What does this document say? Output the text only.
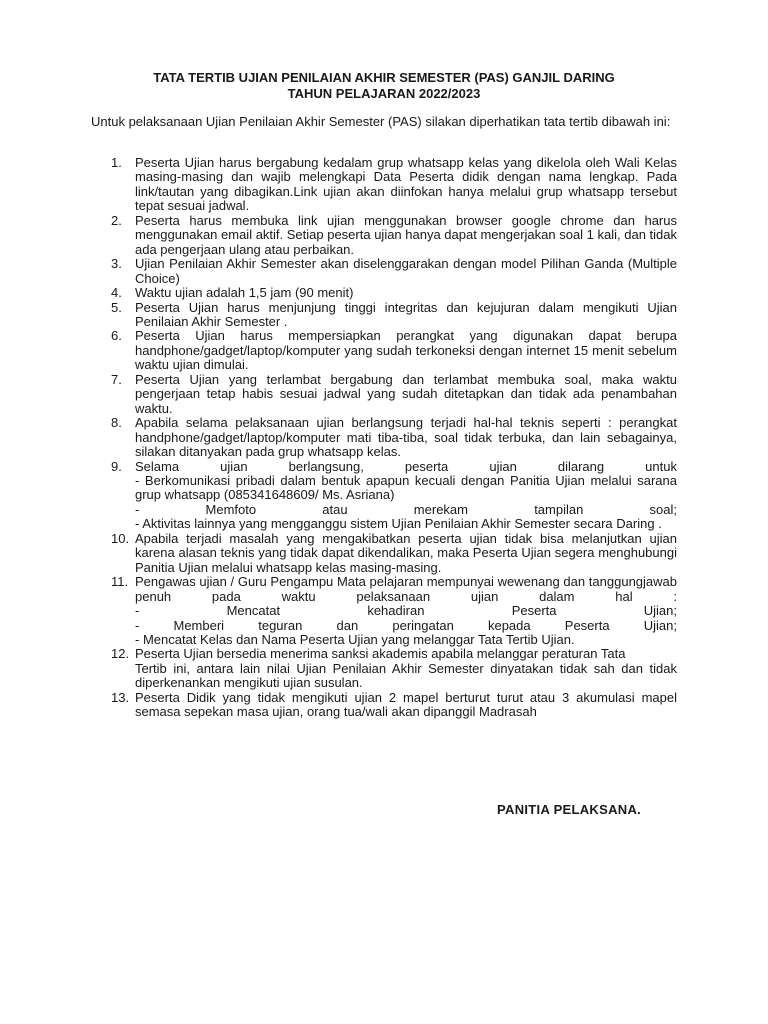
TATA TERTIB UJIAN PENILAIAN AKHIR SEMESTER (PAS) GANJIL DARING
TAHUN PELAJARAN 2022/2023
Untuk pelaksanaan Ujian Penilaian Akhir Semester (PAS) silakan diperhatikan tata tertib dibawah ini:
1. Peserta Ujian harus bergabung kedalam grup whatsapp kelas yang dikelola oleh Wali Kelas masing-masing dan wajib melengkapi Data Peserta didik dengan nama lengkap. Pada link/tautan yang dibagikan.Link ujian akan diinfokan hanya melalui grup whatsapp tersebut tepat sesuai jadwal.
2. Peserta harus membuka link ujian menggunakan browser google chrome dan harus menggunakan email aktif. Setiap peserta ujian hanya dapat mengerjakan soal 1 kali, dan tidak ada pengerjaan ulang atau perbaikan.
3. Ujian Penilaian Akhir Semester akan diselenggarakan dengan model Pilihan Ganda (Multiple Choice)
4. Waktu ujian adalah 1,5 jam (90 menit)
5. Peserta Ujian harus menjunjung tinggi integritas dan kejujuran dalam mengikuti Ujian Penilaian Akhir Semester .
6. Peserta Ujian harus mempersiapkan perangkat yang digunakan dapat berupa handphone/gadget/laptop/komputer yang sudah terkoneksi dengan internet 15 menit sebelum waktu ujian dimulai.
7. Peserta Ujian yang terlambat bergabung dan terlambat membuka soal, maka waktu pengerjaan tetap habis sesuai jadwal yang sudah ditetapkan dan tidak ada penambahan waktu.
8. Apabila selama pelaksanaan ujian berlangsung terjadi hal-hal teknis seperti : perangkat handphone/gadget/laptop/komputer mati tiba-tiba, soal tidak terbuka, dan lain sebagainya, silakan ditanyakan pada grup whatsapp kelas.
9. Selama ujian berlangsung, peserta ujian dilarang untuk
- Berkomunikasi pribadi dalam bentuk apapun kecuali dengan Panitia Ujian melalui sarana grup whatsapp (085341648609/ Ms. Asriana)
- Memfoto atau merekam tampilan soal;
- Aktivitas lainnya yang mengganggu sistem Ujian Penilaian Akhir Semester secara Daring .
10. Apabila terjadi masalah yang mengakibatkan peserta ujian tidak bisa melanjutkan ujian
karena alasan teknis yang tidak dapat dikendalikan, maka Peserta Ujian segera menghubungi Panitia Ujian melalui whatsapp kelas masing-masing.
11. Pengawas ujian / Guru Pengampu Mata pelajaran mempunyai wewenang dan tanggungjawab penuh pada waktu pelaksanaan ujian dalam hal :
- Mencatat kehadiran Peserta Ujian;
- Memberi teguran dan peringatan kepada Peserta Ujian;
- Mencatat Kelas dan Nama Peserta Ujian yang melanggar Tata Tertib Ujian.
12. Peserta Ujian bersedia menerima sanksi akademis apabila melanggar peraturan Tata
Tertib ini, antara lain nilai Ujian Penilaian Akhir Semester dinyatakan tidak sah dan tidak diperkenankan mengikuti ujian susulan.
13. Peserta Didik yang tidak mengikuti ujian 2 mapel berturut turut atau 3 akumulasi mapel semasa sepekan masa ujian, orang tua/wali akan dipanggil Madrasah
PANITIA PELAKSANA.
